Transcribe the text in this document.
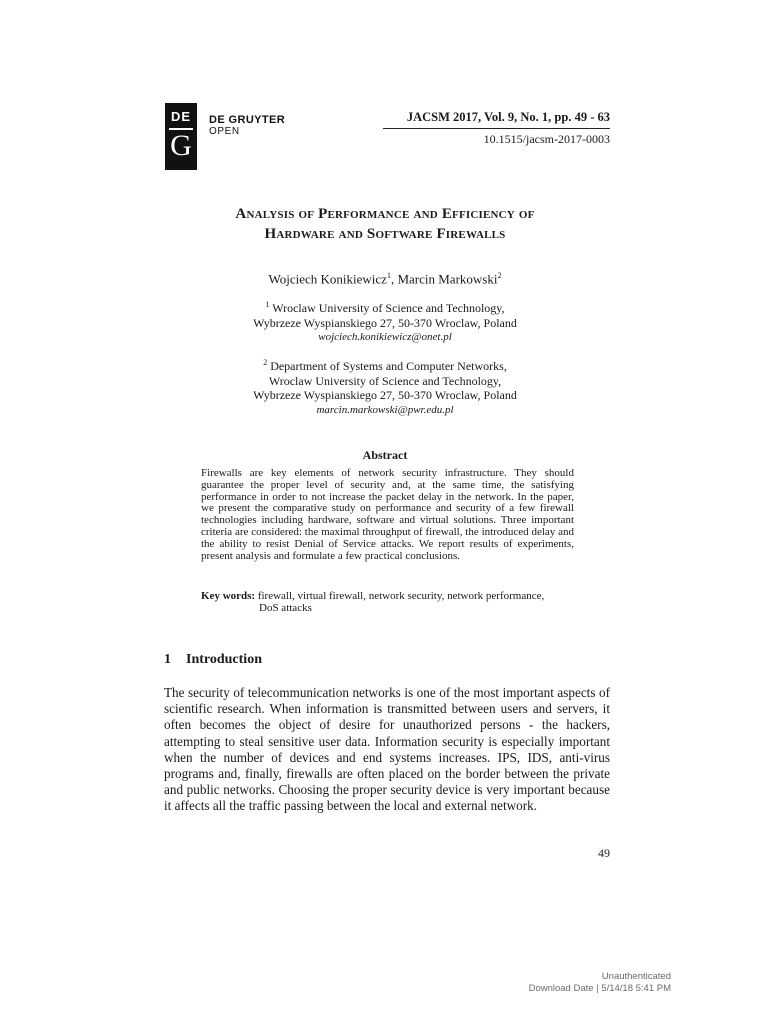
DE
G
DE GRUYTER
OPEN
JACSM 2017, Vol. 9, No. 1, pp. 49 - 63
10.1515/jacsm-2017-0003
Analysis of Performance and Efficiency of
Hardware and Software Firewalls
Wojciech Konikiewicz$^1$, Marcin Markowski$^2$
$^1$ Wroclaw University of Science and Technology,
Wybrzeze Wyspianskiego 27, 50-370 Wroclaw, Poland
wojciech.konikiewicz@onet.pl
$^2$ Department of Systems and Computer Networks,
Wroclaw University of Science and Technology,
Wybrzeze Wyspianskiego 27, 50-370 Wroclaw, Poland
marcin.markowski@pwr.edu.pl
Abstract
Firewalls are key elements of network security infrastructure. They should guarantee the proper level of security and, at the same time, the satisfying performance in order to not increase the packet delay in the network. In the paper, we present the comparative study on performance and security of a few firewall technologies including hardware, software and virtual solutions. Three important criteria are considered: the maximal throughput of firewall, the introduced delay and the ability to resist Denial of Service attacks. We report results of experiments, present analysis and formulate a few practical conclusions.
Key words: firewall, virtual firewall, network security, network performance,
DoS attacks
1 Introduction
The security of telecommunication networks is one of the most important aspects of scientific research. When information is transmitted between users and servers, it often becomes the object of desire for unauthorized persons - the hackers, attempting to steal sensitive user data. Information security is especially important when the number of devices and end systems increases. IPS, IDS, anti-virus programs and, finally, firewalls are often placed on the border between the private and public networks. Choosing the proper security device is very important because it affects all the traffic passing between the local and external network.
49
Unauthenticated
Download Date | 5/14/18 5:41 PM
